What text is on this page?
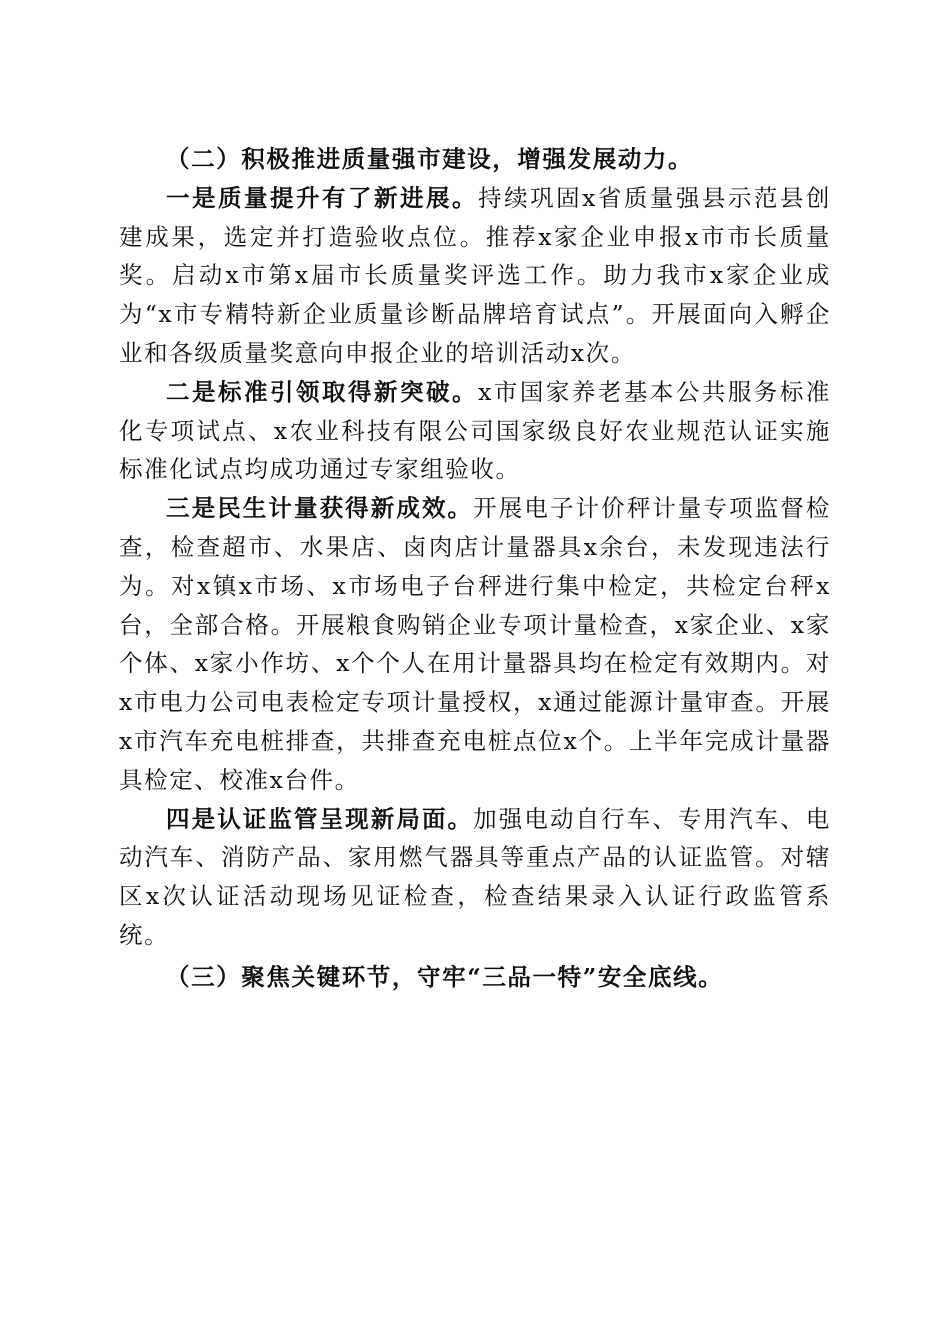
（二）积极推进质量强市建设，增强发展动力。

一是质量提升有了新进展。持续巩固x省质量强县示范县创建成果，选定并打造验收点位。推荐x家企业申报x市市长质量奖。启动x市第x届市长质量奖评选工作。助力我市x家企业成为“x市专精特新企业质量诊断品牌培育试点”。开展面向入孵企业和各级质量奖意向申报企业的培训活动x次。

二是标准引领取得新突破。x市国家养老基本公共服务标准化专项试点、x农业科技有限公司国家级良好农业规范认证实施标准化试点均成功通过专家组验收。

三是民生计量获得新成效。开展电子计价秤计量专项监督检查，检查超市、水果店、卤肉店计量器具x余台，未发现违法行为。对x镇x市场、x市场电子台秤进行集中检定，共检定台秤x台，全部合格。开展粮食购销企业专项计量检查，x家企业、x家个体、x家小作坊、x个个人在用计量器具均在检定有效期内。对x市电力公司电表检定专项计量授权，x通过能源计量审查。开展x市汽车充电桩排查，共排查充电桩点位x个。上半年完成计量器具检定、校准x台件。

四是认证监管呈现新局面。加强电动自行车、专用汽车、电动汽车、消防产品、家用燃气器具等重点产品的认证监管。对辖区x次认证活动现场见证检查，检查结果录入认证行政监管系统。

（三）聚焦关键环节，守牢“三品一特”安全底线。
